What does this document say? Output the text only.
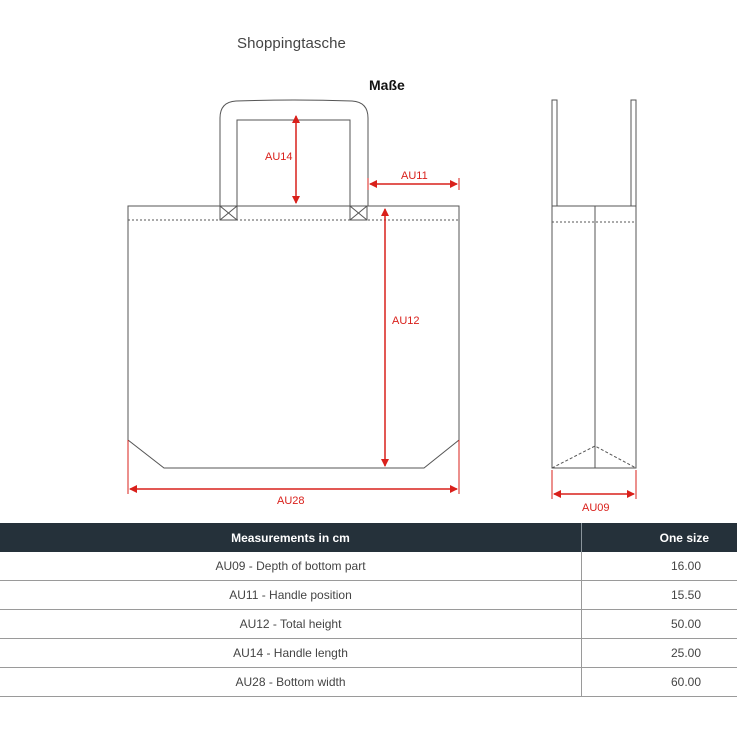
Shoppingtasche
Maße
AU14
AU11
AU12
AU28
AU09
Measurements in cm	One size
AU09 - Depth of bottom part	16.00
AU11 - Handle position	15.50
AU12 - Total height	50.00
AU14 - Handle length	25.00
AU28 - Bottom width	60.00
